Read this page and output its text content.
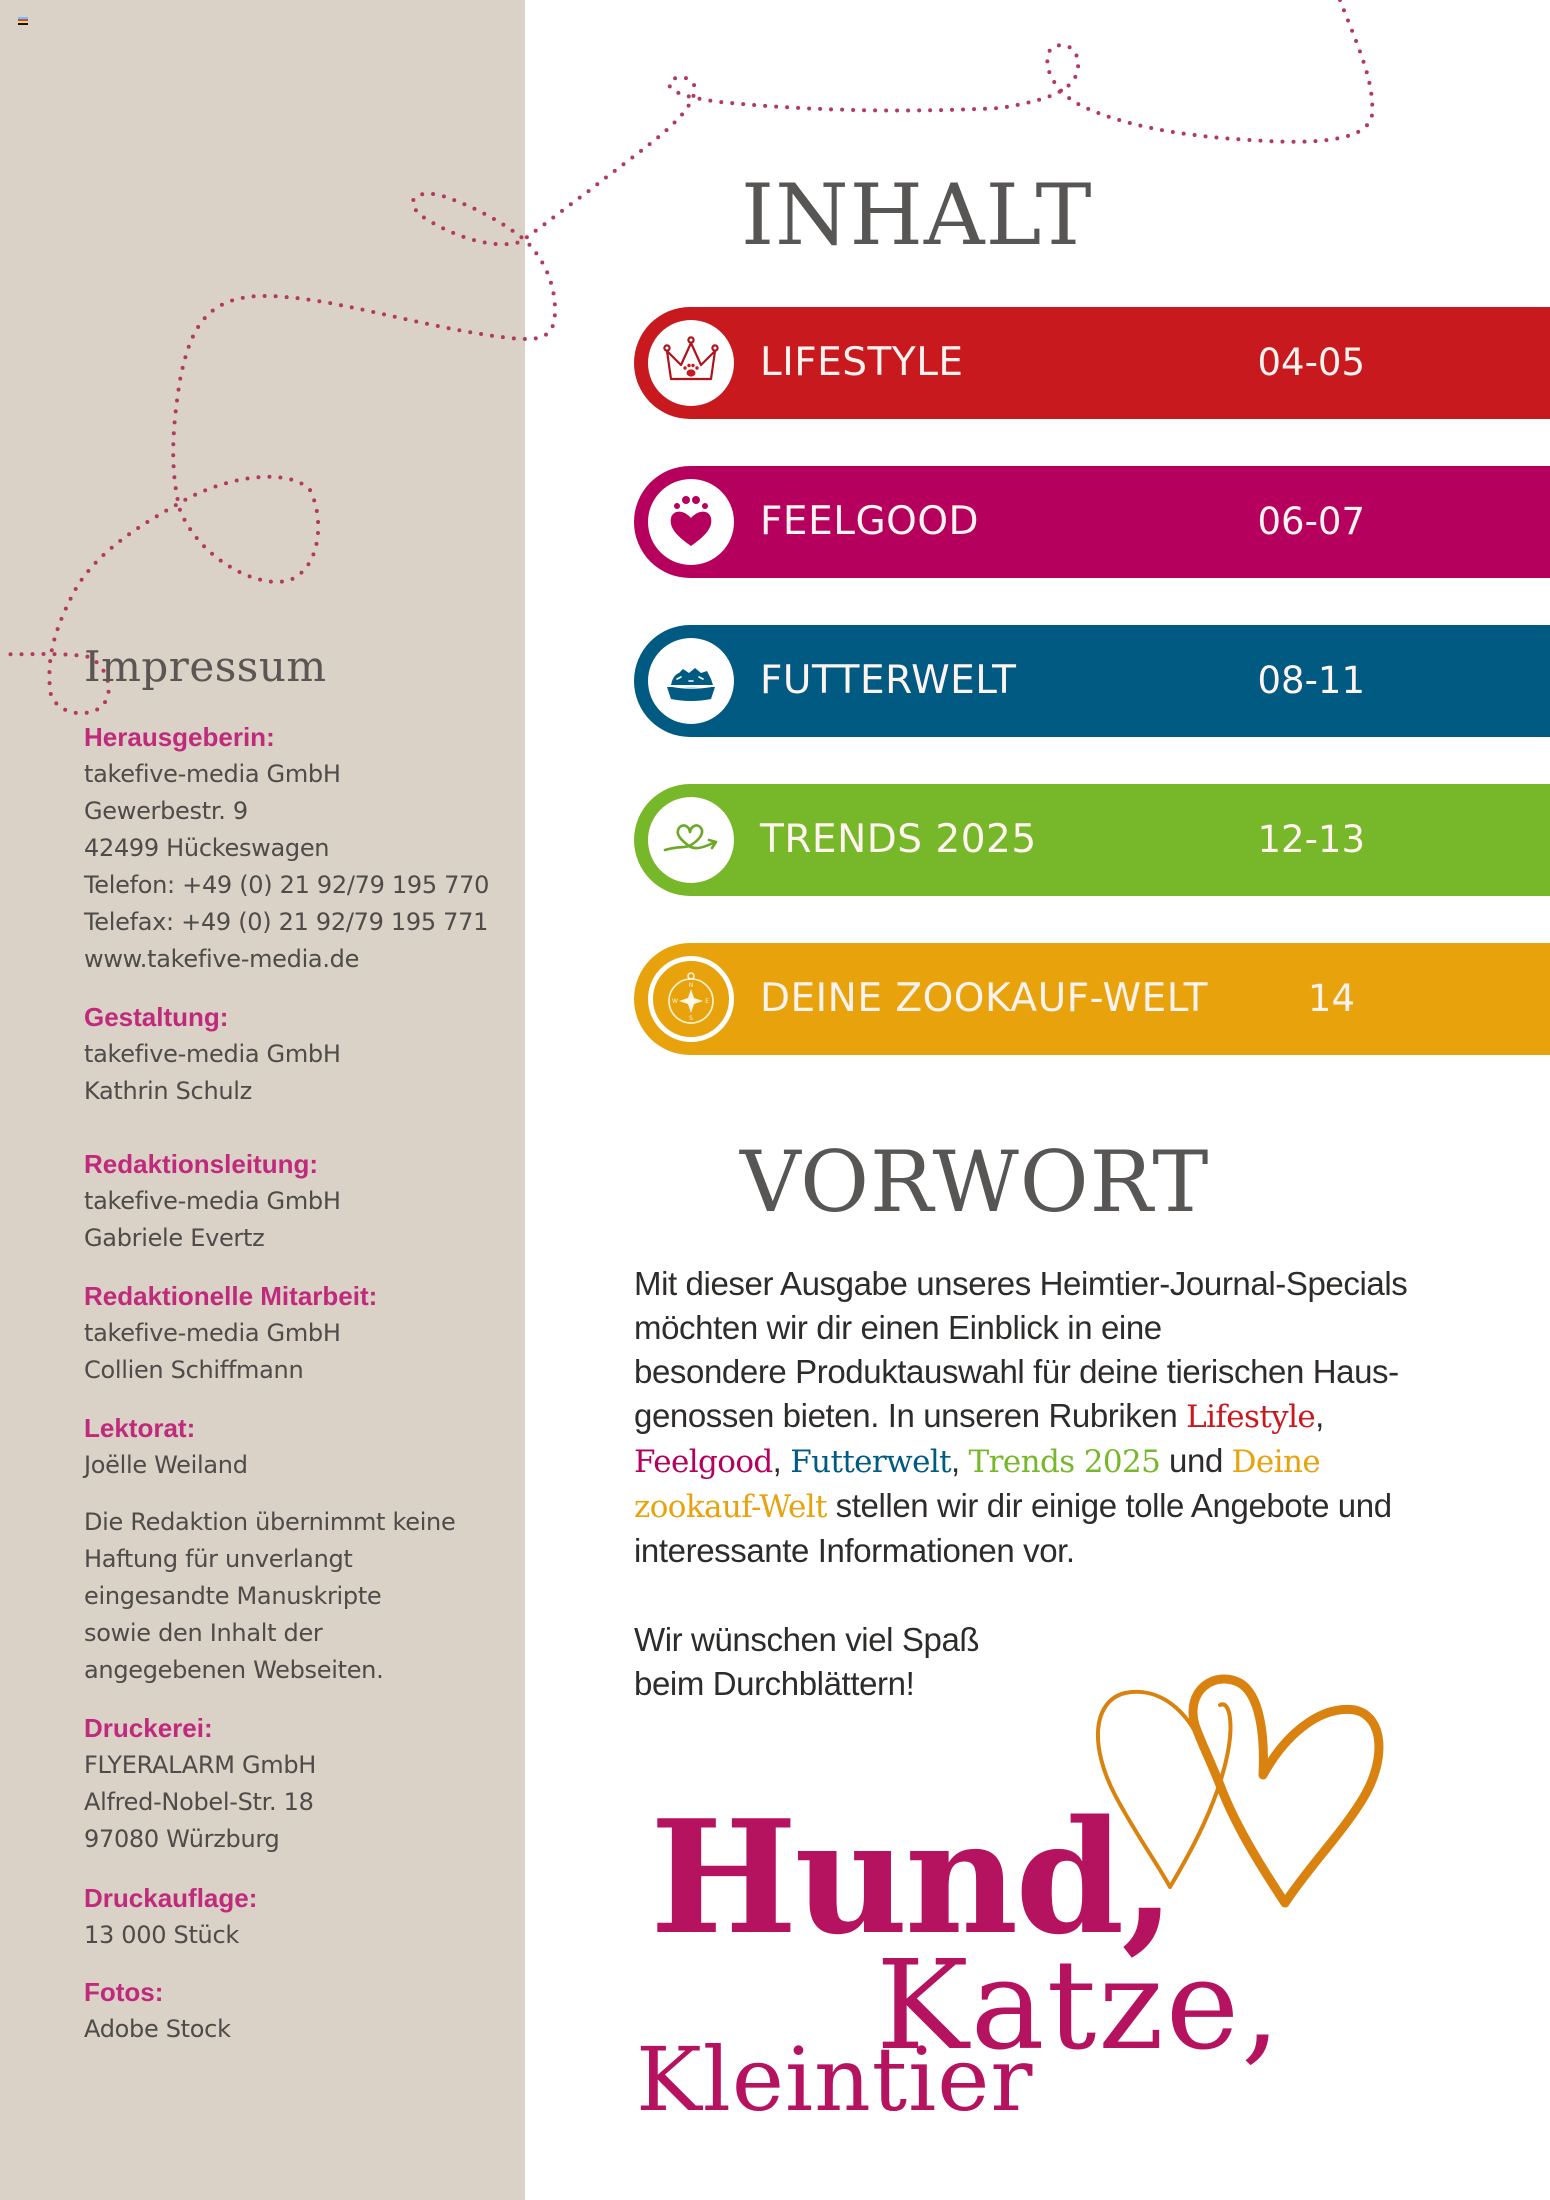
Impressum
Herausgeberin:
takefive-media GmbH
Gewerbestr. 9
42499 Hückeswagen
Telefon: +49 (0) 21 92/79 195 770
Telefax: +49 (0) 21 92/79 195 771
www.takefive-media.de
Gestaltung:
takefive-media GmbH
Kathrin Schulz
Redaktionsleitung:
takefive-media GmbH
Gabriele Evertz
Redaktionelle Mitarbeit:
takefive-media GmbH
Collien Schiffmann
Lektorat:
Joëlle Weiland
Die Redaktion übernimmt keine
Haftung für unverlangt
eingesandte Manuskripte
sowie den Inhalt der
angegebenen Webseiten.
Druckerei:
FLYERALARM GmbH
Alfred-Nobel-Str. 18
97080 Würzburg
Druckauflage:
13 000 Stück
Fotos:
Adobe Stock
INHALT
LIFESTYLE	04-05
FEELGOOD	06-07
FUTTERWELT	08-11
TRENDS 2025	12-13
N
S
W	E DEINE ZOOKAUF-WELT	14
VORWORT
Mit dieser Ausgabe unseres Heimtier-Journal-Specials
möchten wir dir einen Einblick in eine
besondere Produktauswahl für deine tierischen Haus-
genossen bieten. In unseren Rubriken Lifestyle,
Feelgood, Futterwelt, Trends 2025 und Deine
zookauf-Welt stellen wir dir einige tolle Angebote und
interessante Informationen vor.
Wir wünschen viel Spaß
beim Durchblättern!
Hund,
Katze,
Kleintier
